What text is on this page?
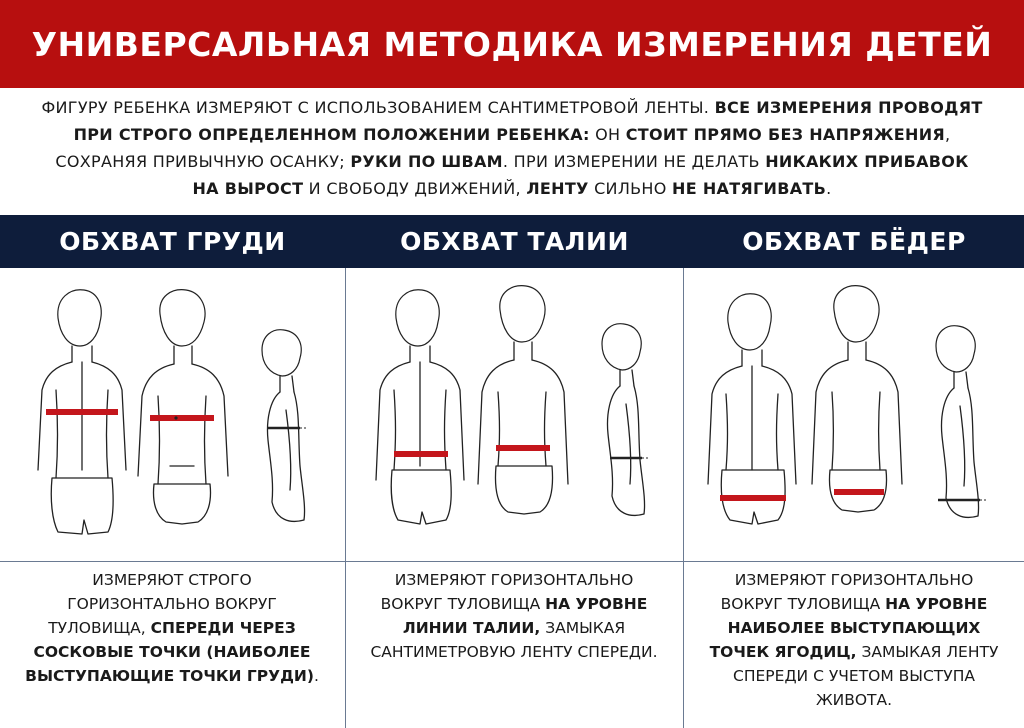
УНИВЕРСАЛЬНАЯ МЕТОДИКА ИЗМЕРЕНИЯ ДЕТЕЙ
ФИГУРУ РЕБЕНКА ИЗМЕРЯЮТ С ИСПОЛЬЗОВАНИЕМ САНТИМЕТРОВОЙ ЛЕНТЫ. ВСЕ ИЗМЕРЕНИЯ ПРОВОДЯТ ПРИ СТРОГО ОПРЕДЕЛЕННОМ ПОЛОЖЕНИИ РЕБЕНКА: ОН СТОИТ ПРЯМО БЕЗ НАПРЯЖЕНИЯ, СОХРАНЯЯ ПРИВЫЧНУЮ ОСАНКУ; РУКИ ПО ШВАМ. ПРИ ИЗМЕРЕНИИ НЕ ДЕЛАТЬ НИКАКИХ ПРИБАВОК НА ВЫРОСТ И СВОБОДУ ДВИЖЕНИЙ, ЛЕНТУ СИЛЬНО НЕ НАТЯГИВАТЬ.
ОБХВАТ ГРУДИ	ОБХВАТ ТАЛИИ	ОБХВАТ БЁДЕР
ИЗМЕРЯЮТ СТРОГО ГОРИЗОНТАЛЬНО ВОКРУГ ТУЛОВИЩА, СПЕРЕДИ ЧЕРЕЗ СОСКОВЫЕ ТОЧКИ (НАИБОЛЕЕ ВЫСТУПАЮЩИЕ ТОЧКИ ГРУДИ).
ИЗМЕРЯЮТ ГОРИЗОНТАЛЬНО ВОКРУГ ТУЛОВИЩА НА УРОВНЕ ЛИНИИ ТАЛИИ, ЗАМЫКАЯ САНТИМЕТРОВУЮ ЛЕНТУ СПЕРЕДИ.
ИЗМЕРЯЮТ ГОРИЗОНТАЛЬНО ВОКРУГ ТУЛОВИЩА НА УРОВНЕ НАИБОЛЕЕ ВЫСТУПАЮЩИХ ТОЧЕК ЯГОДИЦ, ЗАМЫКАЯ ЛЕНТУ СПЕРЕДИ С УЧЕТОМ ВЫСТУПА ЖИВОТА.
